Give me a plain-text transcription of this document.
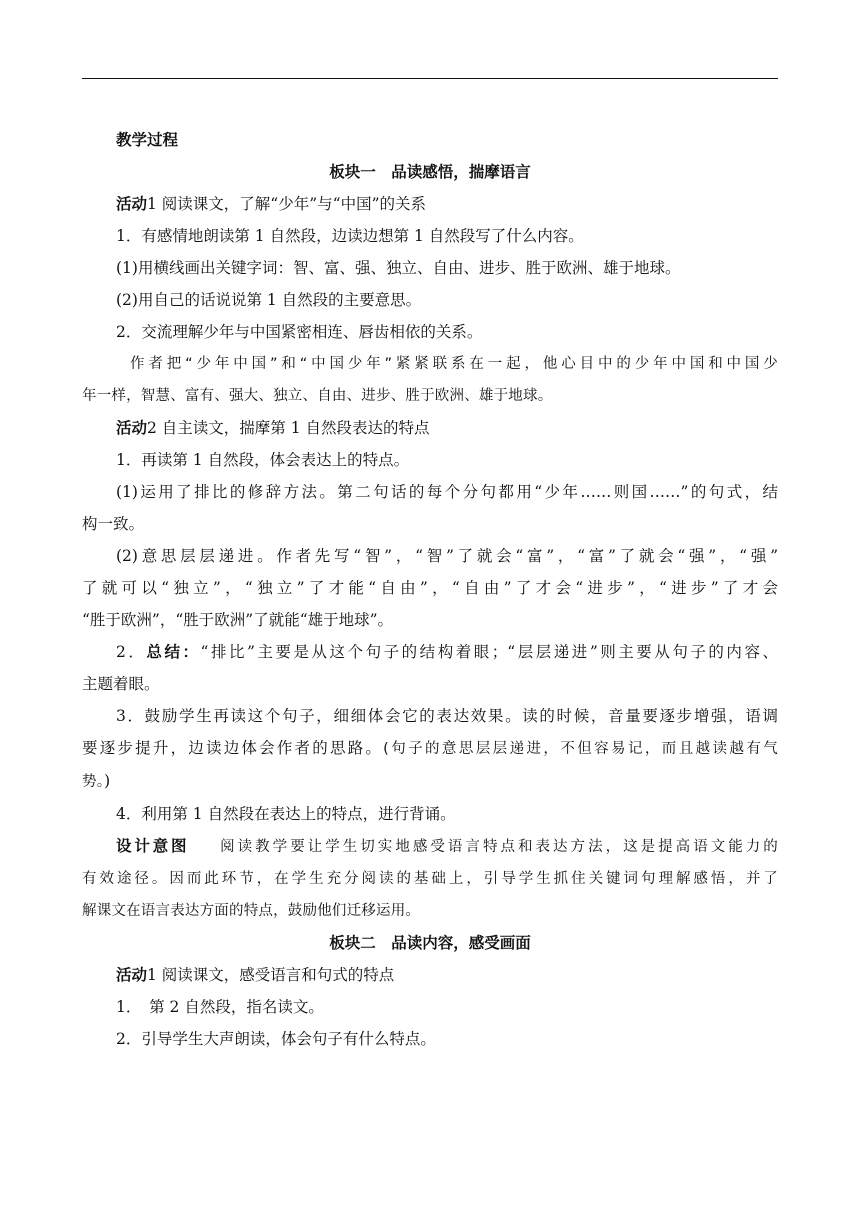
教学过程
板块一　品读感悟，揣摩语言
活动1 阅读课文，了解“少年”与“中国”的关系
1．有感情地朗读第 1 自然段，边读边想第 1 自然段写了什么内容。
(1)用横线画出关键字词：智、富、强、独立、自由、进步、胜于欧洲、雄于地球。
(2)用自己的话说说第 1 自然段的主要意思。
2．交流理解少年与中国紧密相连、唇齿相依的关系。
作者把“少年中国”和“中国少年”紧紧联系在一起，他心目中的少年中国和中国少
年一样，智慧、富有、强大、独立、自由、进步、胜于欧洲、雄于地球。
活动2 自主读文，揣摩第 1 自然段表达的特点
1．再读第 1 自然段，体会表达上的特点。
(1)运用了排比的修辞方法。第二句话的每个分句都用“少年……则国……”的句式，结
构一致。
(2)意思层层递进。作者先写“智”，“智”了就会“富”，“富”了就会“强”，“强”
了就可以“独立”，“独立”了才能“自由”，“自由”了才会“进步”，“进步”了才会
“胜于欧洲”，“胜于欧洲”了就能“雄于地球”。
2．总结：“排比”主要是从这个句子的结构着眼；“层层递进”则主要从句子的内容、
主题着眼。
3．鼓励学生再读这个句子，细细体会它的表达效果。读的时候，音量要逐步增强，语调
要逐步提升，边读边体会作者的思路。(句子的意思层层递进，不但容易记，而且越读越有气
势。)
4．利用第 1 自然段在表达上的特点，进行背诵。
设计意图 阅读教学要让学生切实地感受语言特点和表达方法，这是提高语文能力的
有效途径。因而此环节，在学生充分阅读的基础上，引导学生抓住关键词句理解感悟，并了
解课文在语言表达方面的特点，鼓励他们迁移运用。
板块二　品读内容，感受画面
活动1 阅读课文，感受语言和句式的特点
1．　第 2 自然段，指名读文。
2．引导学生大声朗读，体会句子有什么特点。
